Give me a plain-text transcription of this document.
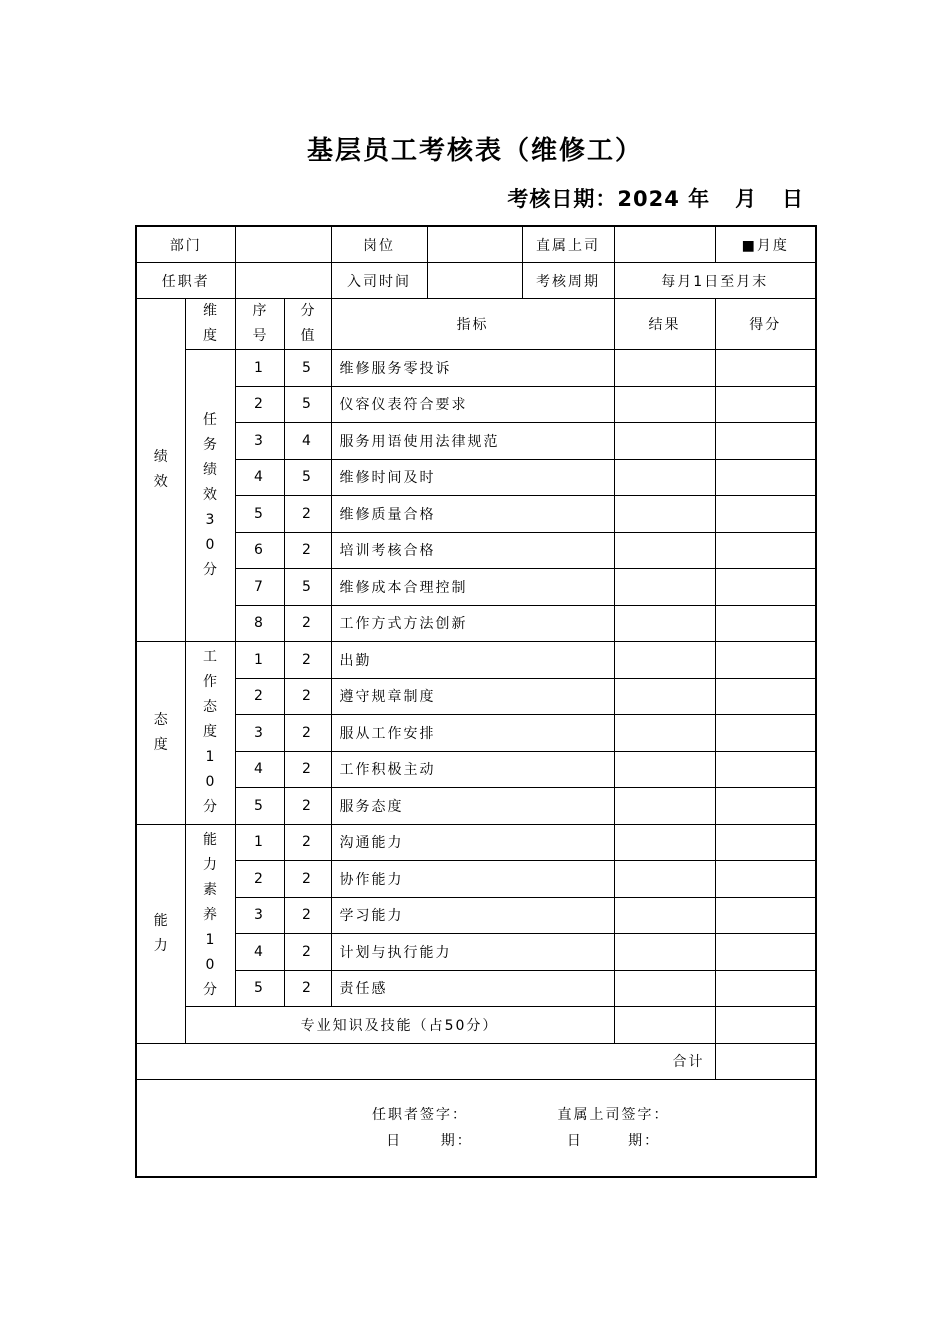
基层员工考核表（维修工）
考核日期：2024 年   月   日
部门				岗位		直属上司		■月度
任职者				入司时间		考核周期	每月1日至月末	
绩效	维度	序号	分值	指标			结果	得分
	任务绩效30分	1	5	维修服务零投诉				
		2	5	仪容仪表符合要求				
		3	4	服务用语使用法律规范				
		4	5	维修时间及时				
		5	2	维修质量合格				
		6	2	培训考核合格				
		7	5	维修成本合理控制				
		8	2	工作方式方法创新				
态度	工作态度10分	1	2	出勤				
		2	2	遵守规章制度				
		3	2	服从工作安排				
		4	2	工作积极主动				
		5	2	服务态度				
能力	能力素养10分	1	2	沟通能力				
		2	2	协作能力				
		3	2	学习能力				
		4	2	计划与执行能力				
		5	2	责任感				
	专业知识及技能（占50分）							
合计								

任职者签字： 直属上司签字：
日      期： 日       期：								
